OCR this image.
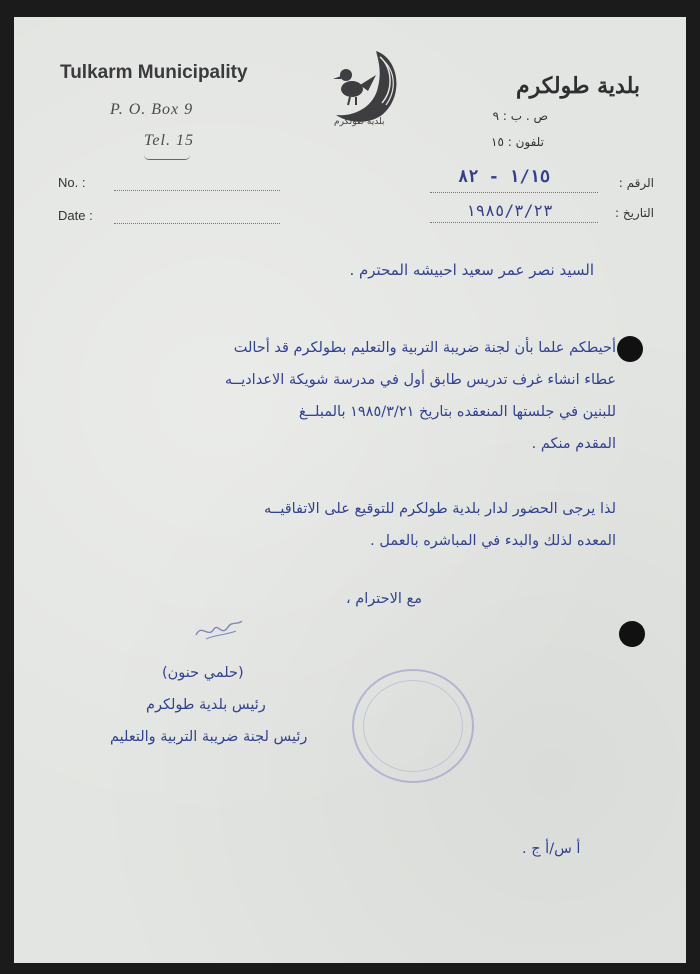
Tulkarm Municipality
P. O. Box 9
Tel. 15
No. :
Date :
بلدية طولكرم
بلدية طولكرم
ص . ب : ٩
تلفون : ١٥
الرقم :
١/١٥ - ٨٢
التاريخ :
١٩٨٥/٣/٢٣
السيد نصر عمر سعيد احبيشه المحترم .
أحيطكم علما بأن لجنة ضريبة التربية والتعليم بطولكرم قد أحالت
عطاء انشاء غرف تدريس طابق أول في مدرسة شويكة الاعداديــه
للبنين في جلستها المنعقده بتاريخ ١٩٨٥/٣/٢١ بالمبلــغ
المقدم منكم .
لذا يرجى الحضور لدار بلدية طولكرم للتوقيع على الاتفاقيــه
المعده لذلك والبدء في المباشره بالعمل .
مع الاحترام ،
(حلمي حنون)
رئيس بلدية طولكرم
رئيس لجنة ضريبة التربية والتعليم
أ س/أ ج .
